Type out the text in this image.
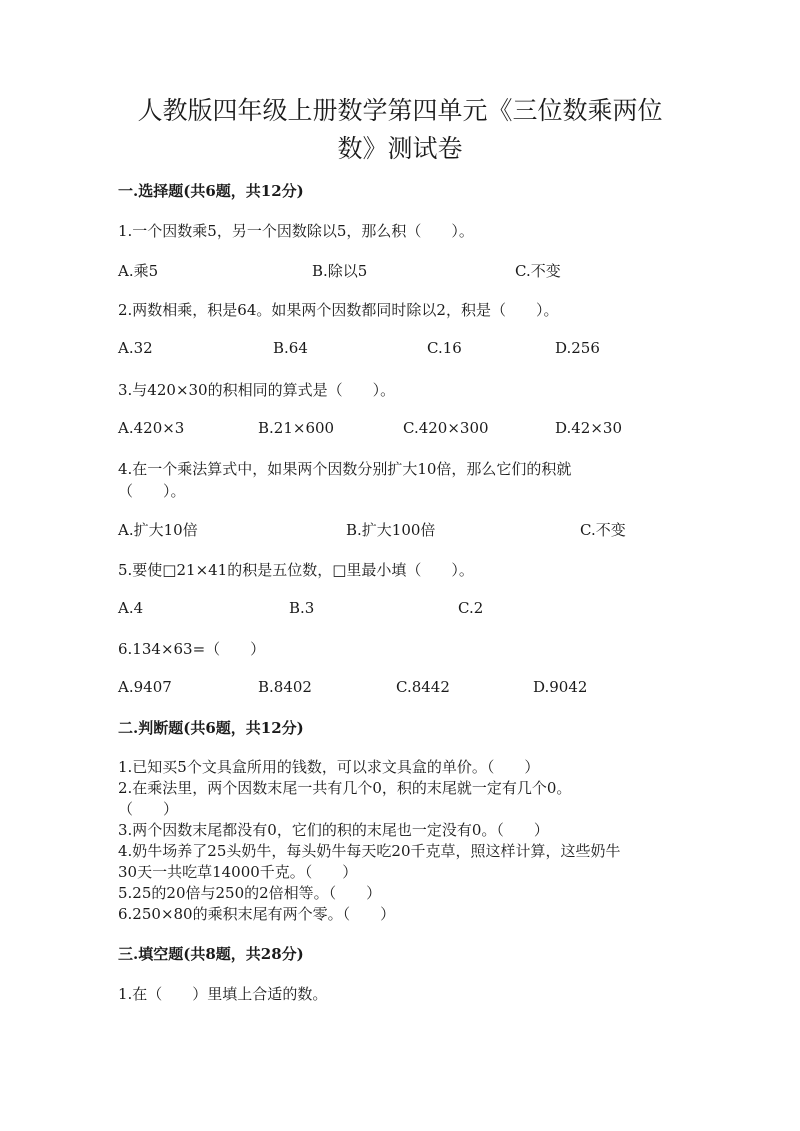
人教版四年级上册数学第四单元《三位数乘两位
数》测试卷
一.选择题(共6题，共12分)
1.一个因数乘5，另一个因数除以5，那么积（　　）。
A.乘5	B.除以5	C.不变
2.两数相乘，积是64。如果两个因数都同时除以2，积是（　　）。
A.32	B.64	C.16	D.256
3.与420×30的积相同的算式是（　　）。
A.420×3	B.21×600	C.420×300	D.42×30
4.在一个乘法算式中，如果两个因数分别扩大10倍，那么它们的积就
（　　）。
A.扩大10倍	B.扩大100倍	C.不变
5.要使□21×41的积是五位数，□里最小填（　　）。
A.4	B.3	C.2
6.134×63=（　　）
A.9407	B.8402	C.8442	D.9042
二.判断题(共6题，共12分)
1.已知买5个文具盒所用的钱数，可以求文具盒的单价。（　　）
2.在乘法里，两个因数末尾一共有几个0，积的末尾就一定有几个0。
（　　）
3.两个因数末尾都没有0，它们的积的末尾也一定没有0。（　　）
4.奶牛场养了25头奶牛，每头奶牛每天吃20千克草，照这样计算，这些奶牛
30天一共吃草14000千克。（　　）
5.25的20倍与250的2倍相等。（　　）
6.250×80的乘积末尾有两个零。（　　）
三.填空题(共8题，共28分)
1.在（　　）里填上合适的数。
